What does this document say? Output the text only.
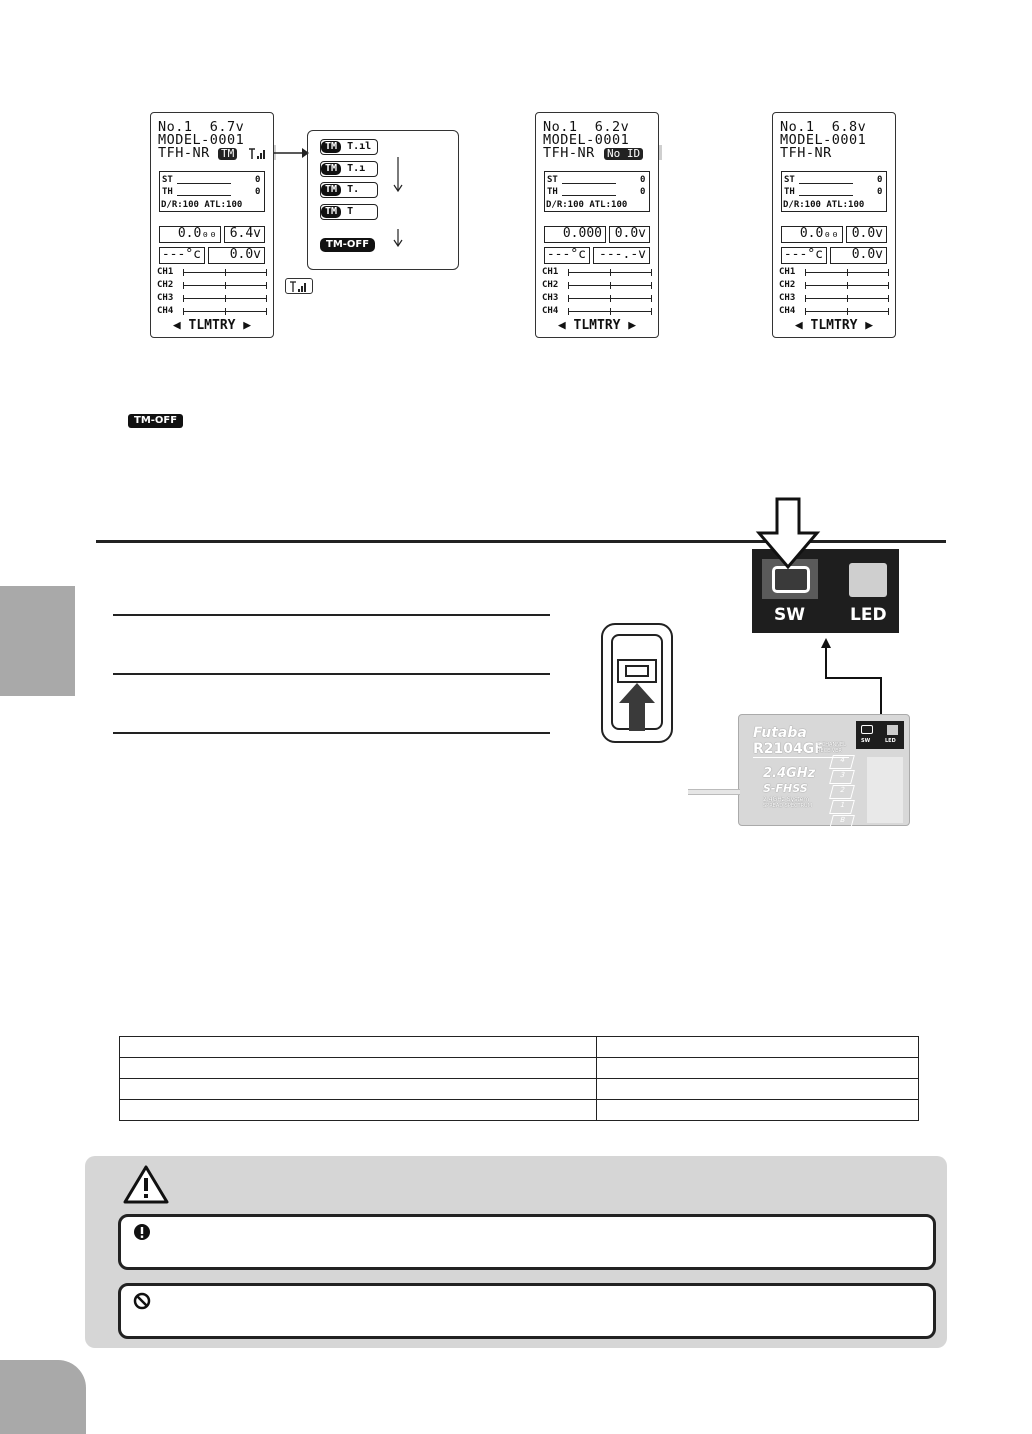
No.1  6.7v
MODEL-0001
TFH-NR TM
ST	0
TH	0
D/R:100 ATL:100
0.0₀₀ 6.4v
---°c	0.0v
CH1
CH2
CH3
CH4
◀ TLMTRY ▶
TM T.ıl
TM T.ı
TM T.
TM T
TM-OFF
No.1  6.2v
MODEL-0001
TFH-NR No ID
ST	0
TH	0
D/R:100 ATL:100
0.000 0.0v
---°c	---.-v
CH1
CH2
CH3
CH4
◀ TLMTRY ▶
No.1  6.8v
MODEL-0001
TFH-NR
ST	0
TH	0
D/R:100 ATL:100
0.0₀₀ 0.0v
---°c	0.0v
CH1
CH2
CH3
CH4
◀ TLMTRY ▶
TM-OFF
SW	LED
Futaba
R2104GF
4 CHANNEL RECEIVER
2.4GHz
S-FHSS
2.4GHz System
SPREAD SPECTRUM
SW	LED
4
3
2
1
B
